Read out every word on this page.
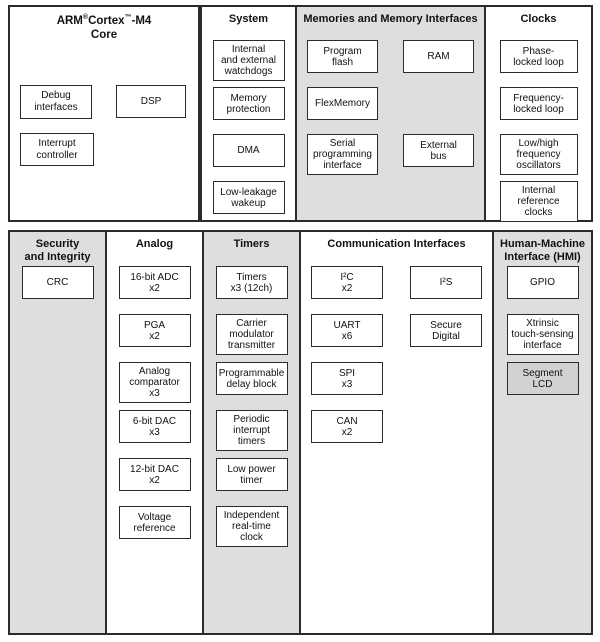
ARM®Cortex™-M4
Core
Debug
interfaces
DSP
Interrupt
controller
System
Internal
and external
watchdogs
Memory
protection
DMA
Low-leakage
wakeup
Memories and Memory Interfaces
Program
flash
FlexMemory
Serial
programming
interface
RAM
External
bus
Clocks
Phase-
locked loop
Frequency-
locked loop
Low/high
frequency
oscillators
Internal
reference
clocks
Security
and Integrity
CRC
Analog
16-bit ADC
x2
PGA
x2
Analog
comparator
x3
6-bit DAC
x3
12-bit DAC
x2
Voltage
reference
Timers
Timers
x3 (12ch)
Carrier
modulator
transmitter
Programmable
delay block
Periodic
interrupt
timers
Low power
timer
Independent
real-time
clock
Communication Interfaces
I²C
x2
UART
x6
SPI
x3
CAN
x2
I²S
Secure
Digital
Human-Machine
Interface (HMI)
GPIO
Xtrinsic
touch-sensing
interface
Segment
LCD
